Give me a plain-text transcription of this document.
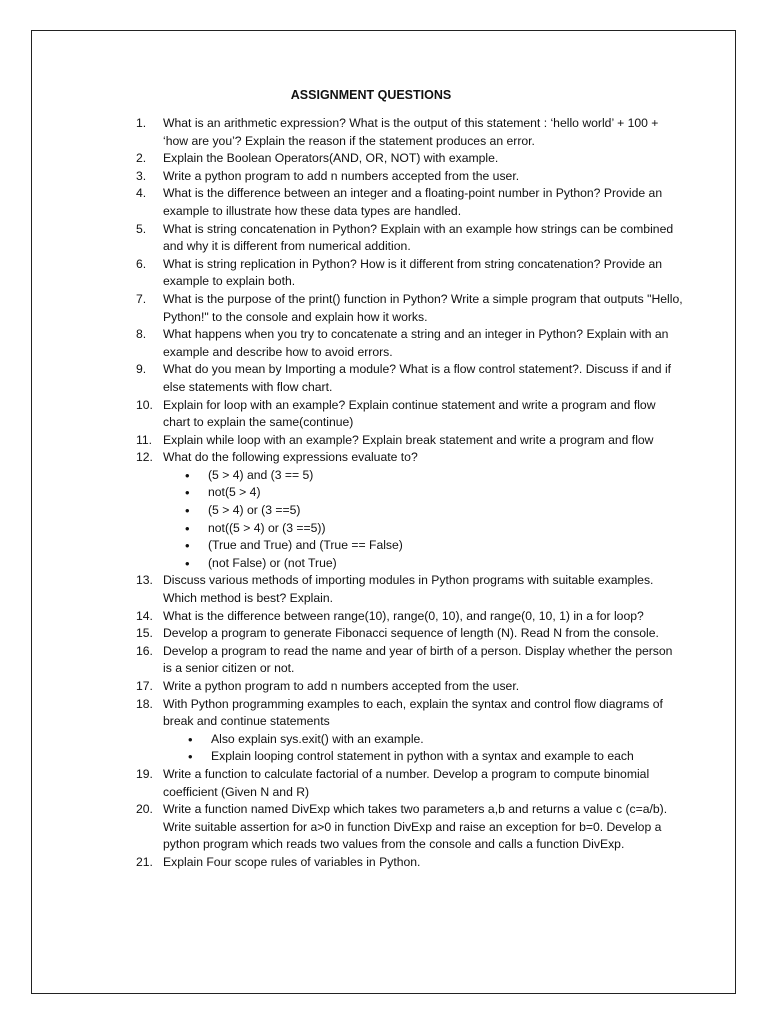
ASSIGNMENT QUESTIONS
1.	What is an arithmetic expression? What is the output of this statement : ‘hello world’ + 100 + ‘how are you’? Explain the reason if the statement produces an error.
2.	Explain the Boolean Operators(AND, OR, NOT) with example.
3.	Write a python program to add n numbers accepted from the user.
4.	What is the difference between an integer and a floating-point number in Python? Provide an example to illustrate how these data types are handled.
5.	What is string concatenation in Python? Explain with an example how strings can be combined and why it is different from numerical addition.
6.	What is string replication in Python? How is it different from string concatenation? Provide an example to explain both.
7.	What is the purpose of the print() function in Python? Write a simple program that outputs "Hello, Python!" to the console and explain how it works.
8.	What happens when you try to concatenate a string and an integer in Python? Explain with an example and describe how to avoid errors.
9.	What do you mean by Importing a module? What is a flow control statement?. Discuss if and if else statements with flow chart.
10. Explain for loop with an example? Explain continue statement and write a program and flow chart to explain the same(continue)
11. Explain while loop with an example? Explain break statement and write a program and flow
12. What do the following expressions evaluate to?
•	(5 > 4) and (3 == 5)
•	not(5 > 4)
•	(5 > 4) or (3 ==5)
•	not((5 > 4) or (3 ==5))
•	(True and True) and (True == False)
•	(not False) or (not True)
13. Discuss various methods of importing modules in Python programs with suitable examples. Which method is best? Explain.
14. What is the difference between range(10), range(0, 10), and range(0, 10, 1) in a for loop?
15. Develop a program to generate Fibonacci sequence of length (N). Read N from the console.
16. Develop a program to read the name and year of birth of a person. Display whether the person is a senior citizen or not.
17. Write a python program to add n numbers accepted from the user.
18. With Python programming examples to each, explain the syntax and control flow diagrams of break and continue statements
•	Also explain sys.exit() with an example.
•	Explain looping control statement in python with a syntax and example to each
19. Write a function to calculate factorial of a number. Develop a program to compute binomial coefficient (Given N and R)
20. Write a function named DivExp which takes two parameters a,b and returns a value c (c=a/b). Write suitable assertion for a>0 in function DivExp and raise an exception for b=0. Develop a python program which reads two values from the console and calls a function DivExp.
21. Explain Four scope rules of variables in Python.
